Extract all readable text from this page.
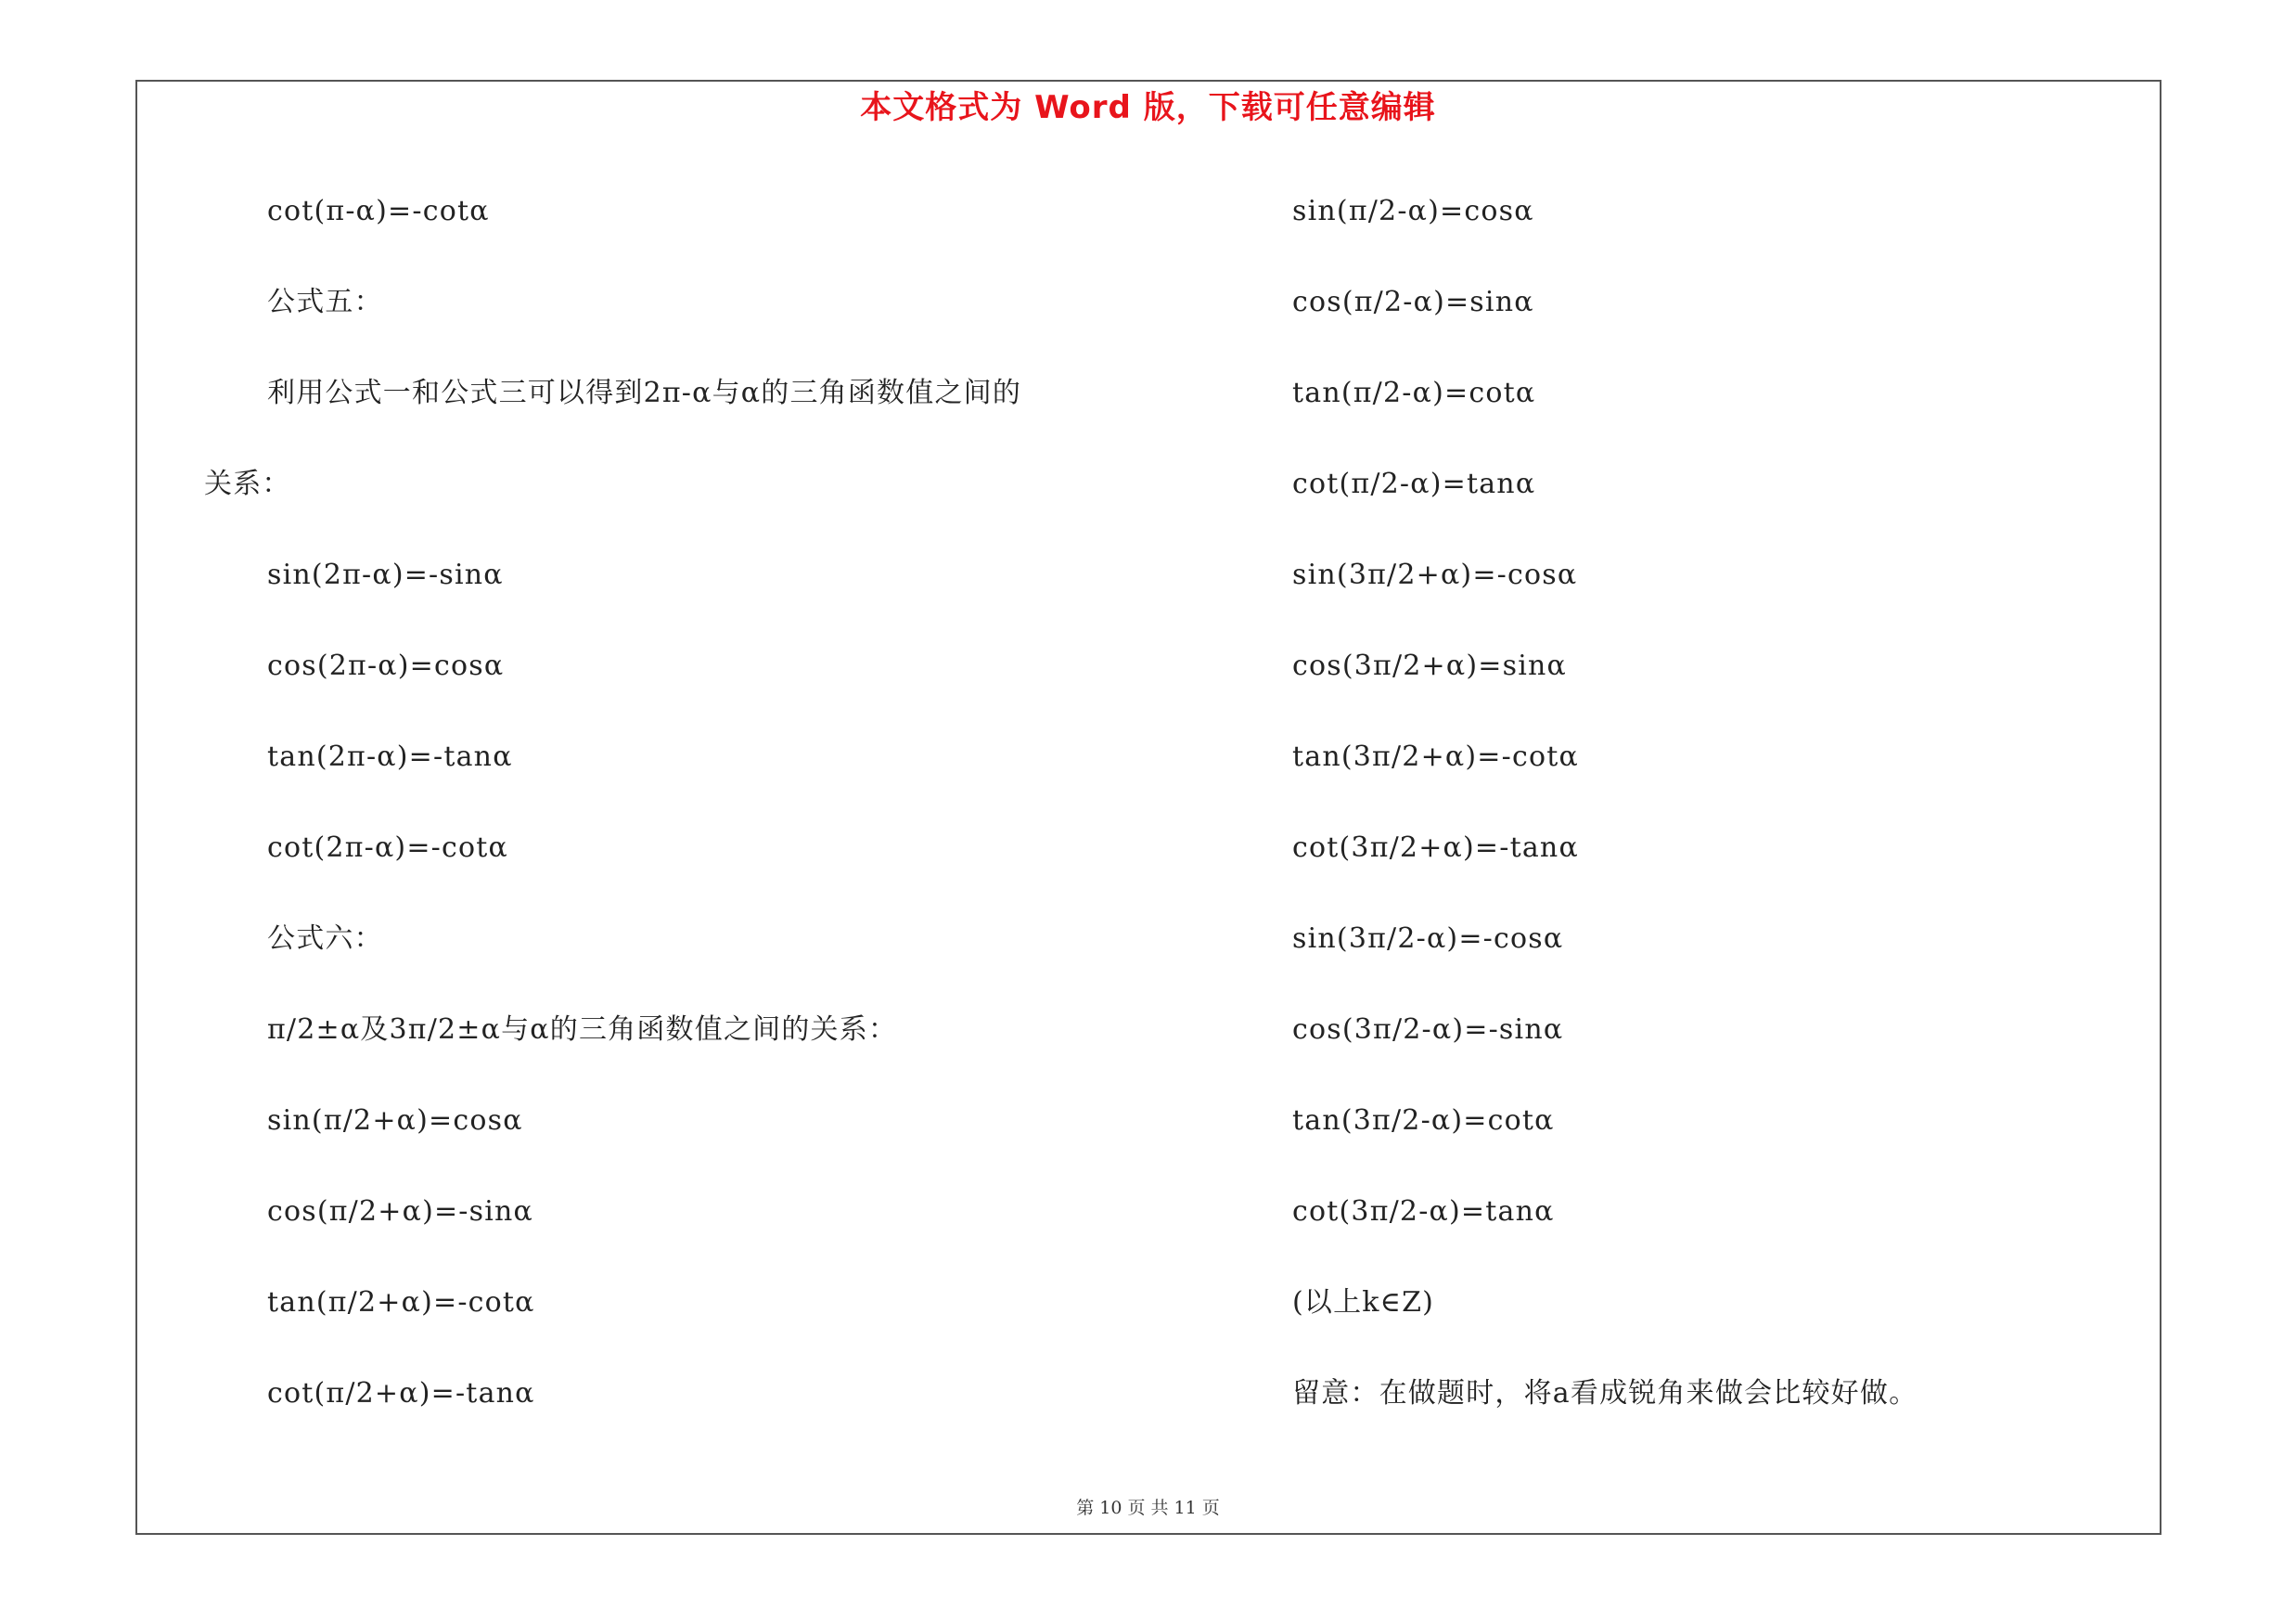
本文格式为 Word 版，下载可任意编辑
cot(π-α)=-cotα
公式五：
利用公式一和公式三可以得到2π-α与α的三角函数值之间的
关系：
sin(2π-α)=-sinα
cos(2π-α)=cosα
tan(2π-α)=-tanα
cot(2π-α)=-cotα
公式六：
π/2±α及3π/2±α与α的三角函数值之间的关系：
sin(π/2+α)=cosα
cos(π/2+α)=-sinα
tan(π/2+α)=-cotα
cot(π/2+α)=-tanα
sin(π/2-α)=cosα
cos(π/2-α)=sinα
tan(π/2-α)=cotα
cot(π/2-α)=tanα
sin(3π/2+α)=-cosα
cos(3π/2+α)=sinα
tan(3π/2+α)=-cotα
cot(3π/2+α)=-tanα
sin(3π/2-α)=-cosα
cos(3π/2-α)=-sinα
tan(3π/2-α)=cotα
cot(3π/2-α)=tanα
(以上k∈Z)
留意：在做题时，将a看成锐角来做会比较好做。
第 10 页 共 11 页
